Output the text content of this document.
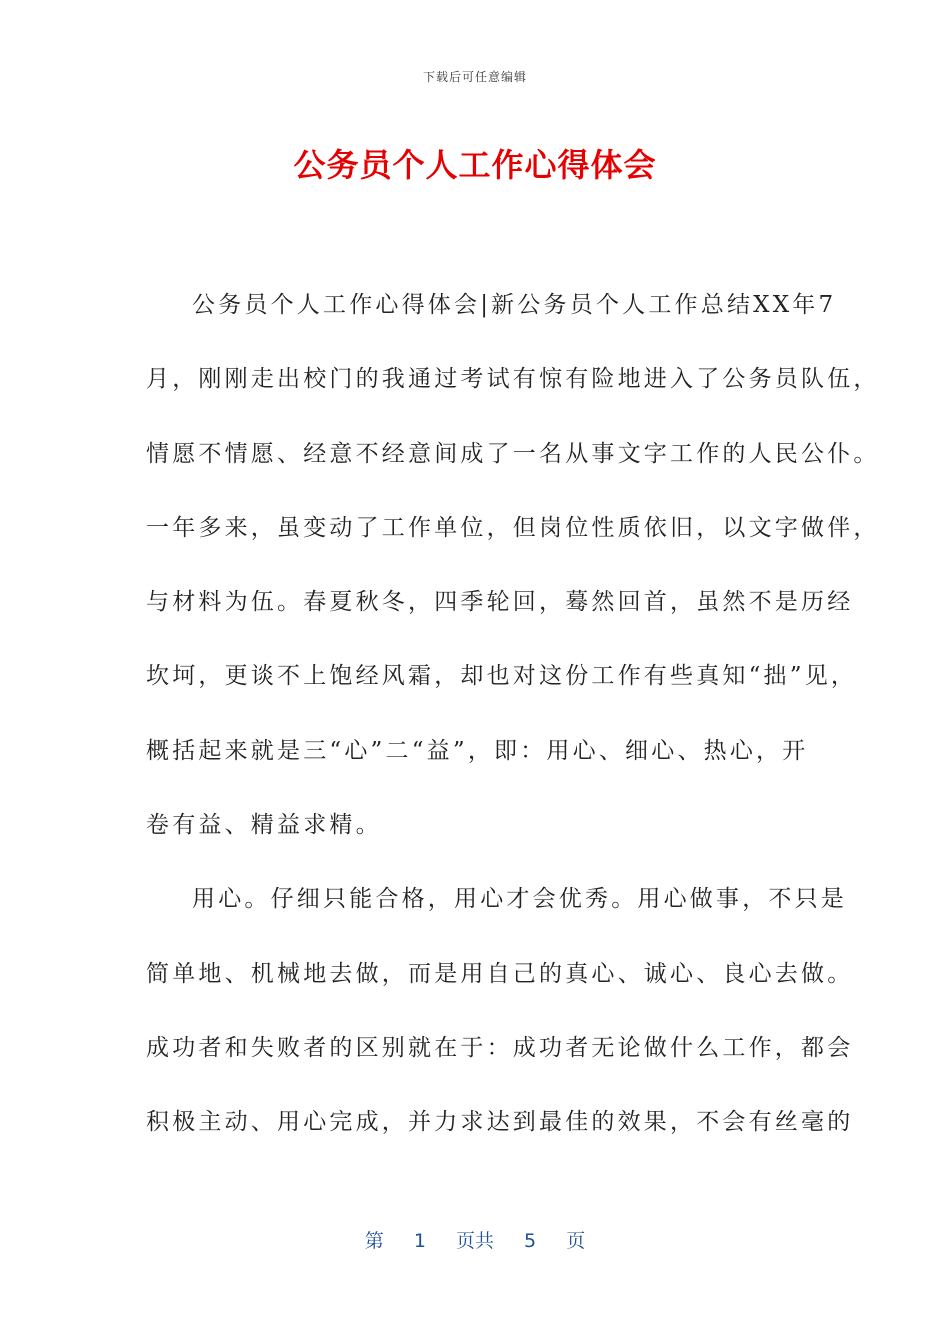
下载后可任意编辑
公务员个人工作心得体会
公务员个人工作心得体会|新公务员个人工作总结XX年7
月，刚刚走出校门的我通过考试有惊有险地进入了公务员队伍，
情愿不情愿、经意不经意间成了一名从事文字工作的人民公仆。
一年多来，虽变动了工作单位，但岗位性质依旧，以文字做伴，
与材料为伍。春夏秋冬，四季轮回，蓦然回首，虽然不是历经
坎坷，更谈不上饱经风霜，却也对这份工作有些真知“拙”见，
概括起来就是三“心”二“益”，即：用心、细心、热心，开
卷有益、精益求精。
用心。仔细只能合格，用心才会优秀。用心做事，不只是
简单地、机械地去做，而是用自己的真心、诚心、良心去做。
成功者和失败者的区别就在于：成功者无论做什么工作，都会
积极主动、用心完成，并力求达到最佳的效果，不会有丝毫的
第 1 页共 5 页
